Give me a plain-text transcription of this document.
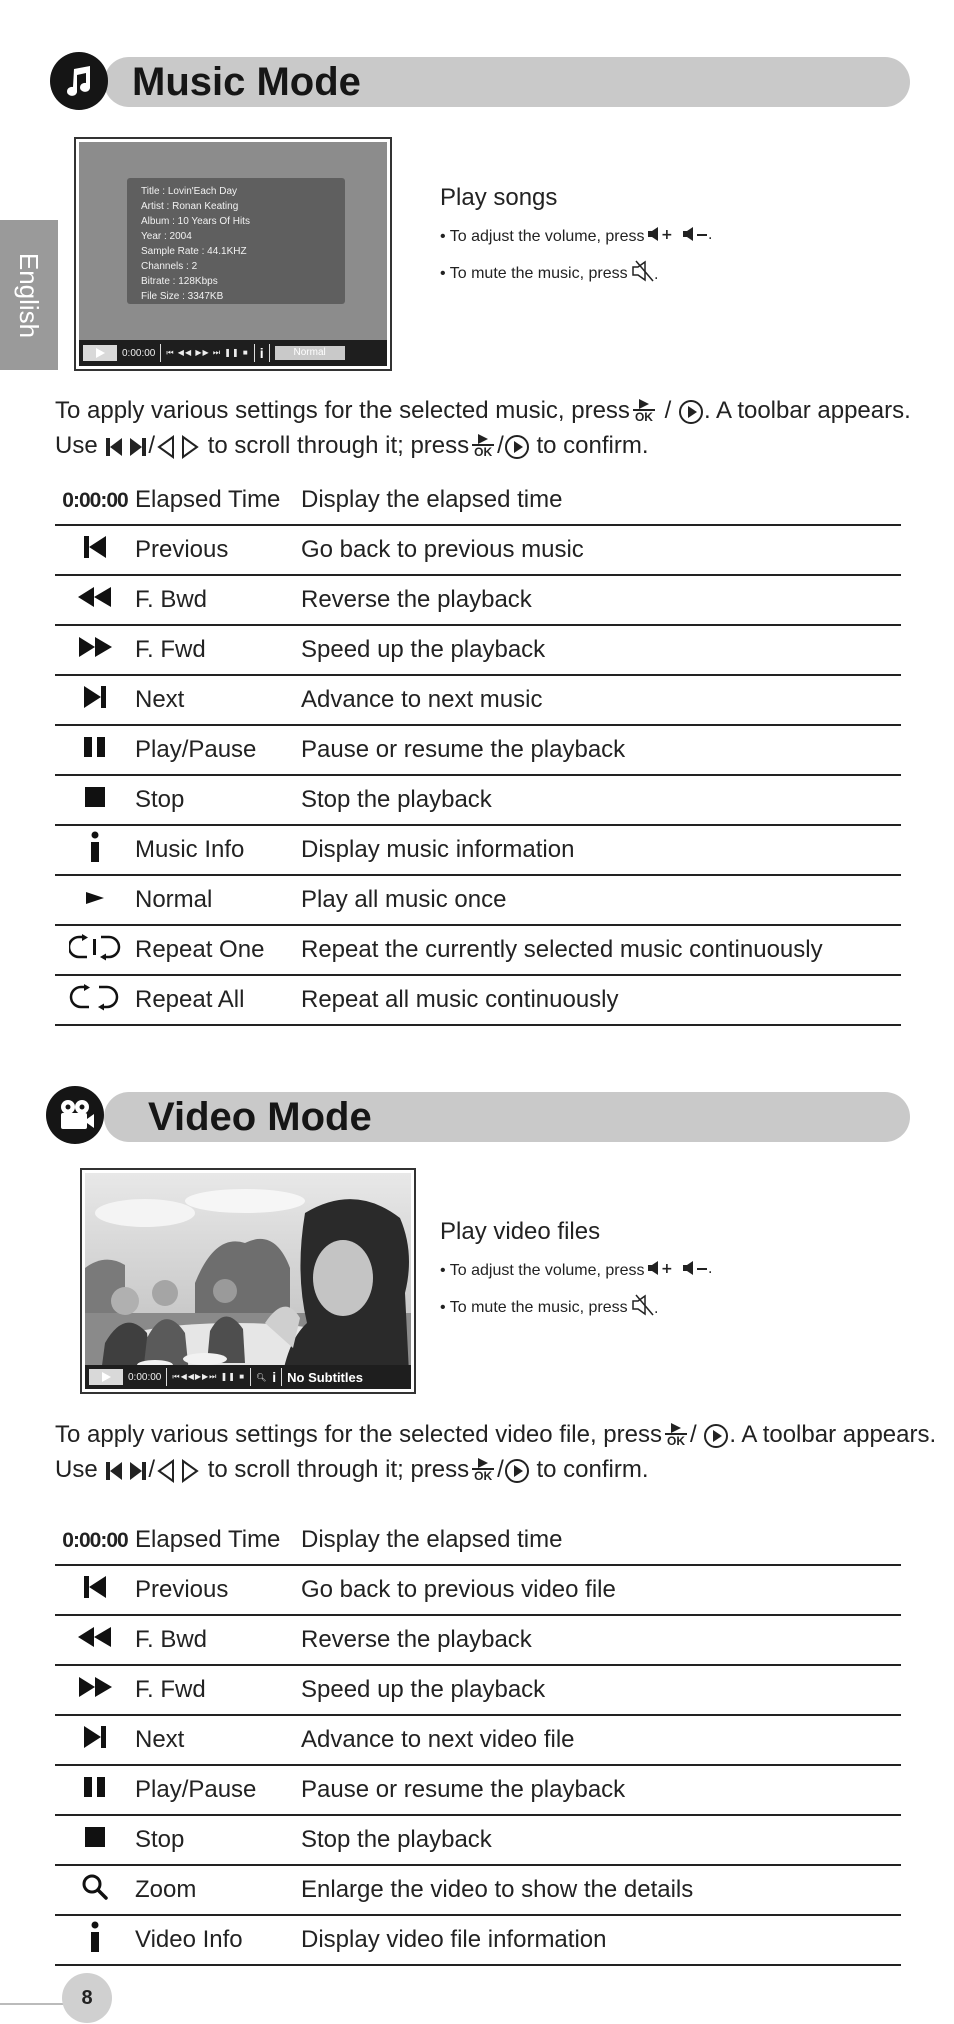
English
Music Mode
Title : Lovin'Each Day
Artist : Ronan Keating
Album : 10 Years Of Hits
Year : 2004
Sample Rate : 44.1KHZ
Channels : 2
Bitrate : 128Kbps
File Size : 3347KB
0:00:00 ⏮ ◀◀ ▶▶ ⏭ ❚❚ ■ i	Normal
Play songs
• To adjust the volume, press +	.
• To mute the music, press .
To apply various settings for the selected music, press OK /
. A toolbar appears.
Use / to scroll through it; press OK / to confirm.
0:00:00	Elapsed Time	Display the elapsed time

	Previous	Go back to previous music

	F. Bwd	Reverse the playback

	F. Fwd	Speed up the playback

	Next	Advance to next music

	Play/Pause	Pause or resume the playback

	Stop	Stop the playback

	Music Info	Display music information

	Normal	Play all music once

	Repeat One	Repeat the currently selected music continuously

	Repeat All	Repeat all music continuously
Video Mode
0:00:00 ⏮◀◀▶▶⏭ ❚❚ ■ 🔍︎ i No Subtitles
Play video files
• To adjust the volume, press +	.
• To mute the music, press .
To apply various settings for the selected video file, press OK /
. A toolbar appears.
Use / to scroll through it; press OK / to confirm.
0:00:00	Elapsed Time	Display the elapsed time

	Previous	Go back to previous video file

	F. Bwd	Reverse the playback

	F. Fwd	Speed up the playback

	Next	Advance to next video file

	Play/Pause	Pause or resume the playback

	Stop	Stop the playback

	Zoom	Enlarge the video to show the details

	Video Info	Display video file information
8
